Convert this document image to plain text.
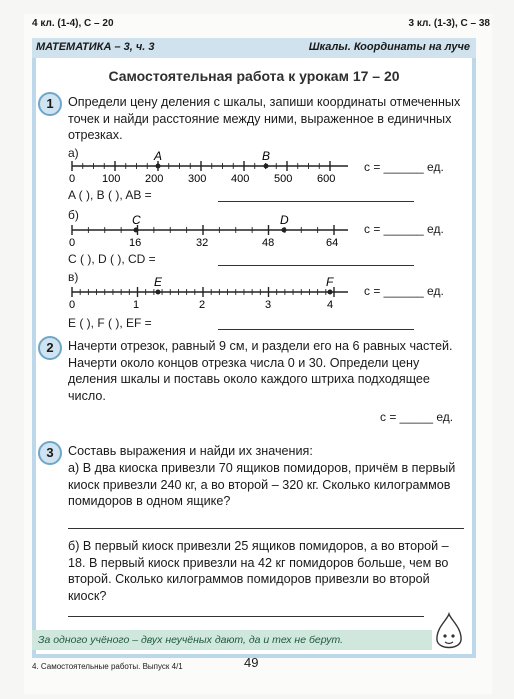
4 кл. (1-4), С – 20	3 кл. (1-3), С – 38
МАТЕМАТИКА – 3, ч. 3	Шкалы. Координаты на луче
Самостоятельная работа к урокам 17 – 20
1	Определи цену деления c шкалы, запиши координаты отмеченных точек и найди расстояние между ними, выраженное в единичных отрезках.
а)	A	B
0 100 200 300 400 500 600
c = ______ ед.
A ( ), B ( ), AB =
б)	C	D
0	16	32	48	64
c = ______ ед.
C ( ), D ( ), CD =
в)	E	F
0	1	2	3	4
c = ______ ед.
E ( ), F ( ), EF =
2	Начерти отрезок, равный 9 см, и раздели его на 6 равных частей. Начерти около концов отрезка числа 0 и 30. Определи цену деления шкалы и поставь около каждого штриха подходящее число.
c = _____ ед.
3	Составь выражения и найди их значения:
а) В два киоска привезли 70 ящиков помидоров, причём в первый киоск привезли 240 кг, а во второй – 320 кг. Сколько килограммов помидоров в одном ящике?
б) В первый киоск привезли 25 ящиков помидоров, а во второй – 18. В первый киоск привезли на 42 кг помидоров больше, чем во второй. Сколько килограммов помидоров привезли во второй киоск?
За одного учёного – двух неучёных дают, да и тех не берут.
49
4. Самостоятельные работы. Выпуск 4/1
